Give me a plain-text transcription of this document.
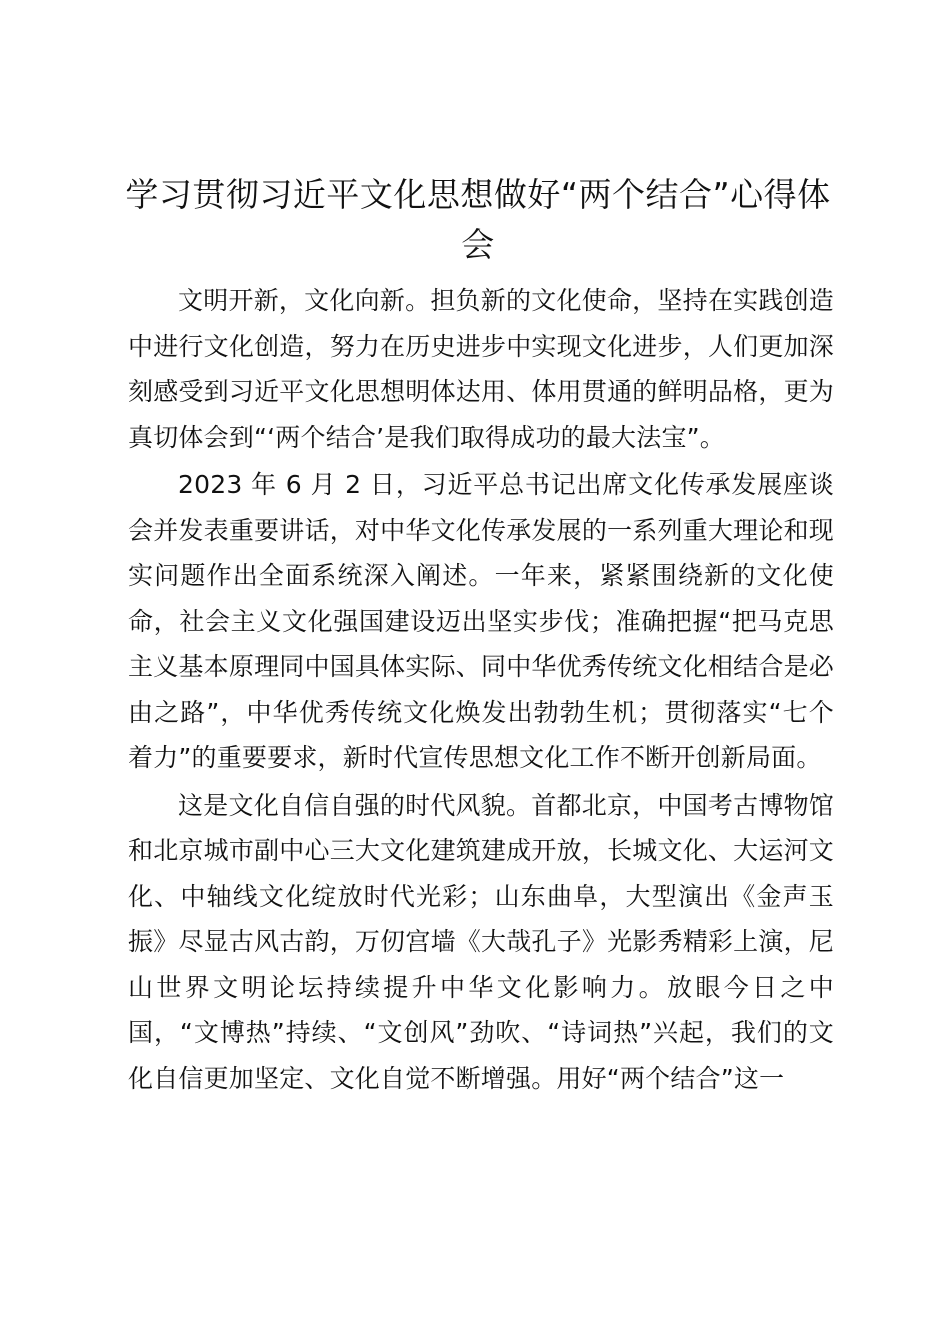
学习贯彻习近平文化思想做好“两个结合”心得体会

文明开新，文化向新。担负新的文化使命，坚持在实践创造中进行文化创造，努力在历史进步中实现文化进步，人们更加深刻感受到习近平文化思想明体达用、体用贯通的鲜明品格，更为真切体会到“‘两个结合’是我们取得成功的最大法宝”。

2023 年 6 月 2 日，习近平总书记出席文化传承发展座谈会并发表重要讲话，对中华文化传承发展的一系列重大理论和现实问题作出全面系统深入阐述。一年来，紧紧围绕新的文化使命，社会主义文化强国建设迈出坚实步伐；准确把握“把马克思主义基本原理同中国具体实际、同中华优秀传统文化相结合是必由之路”，中华优秀传统文化焕发出勃勃生机；贯彻落实“七个着力”的重要要求，新时代宣传思想文化工作不断开创新局面。

这是文化自信自强的时代风貌。首都北京，中国考古博物馆和北京城市副中心三大文化建筑建成开放，长城文化、大运河文化、中轴线文化绽放时代光彩；山东曲阜，大型演出《金声玉振》尽显古风古韵，万仞宫墙《大哉孔子》光影秀精彩上演，尼山世界文明论坛持续提升中华文化影响力。放眼今日之中国，“文博热”持续、“文创风”劲吹、“诗词热”兴起，我们的文化自信更加坚定、文化自觉不断增强。用好“两个结合”这一
